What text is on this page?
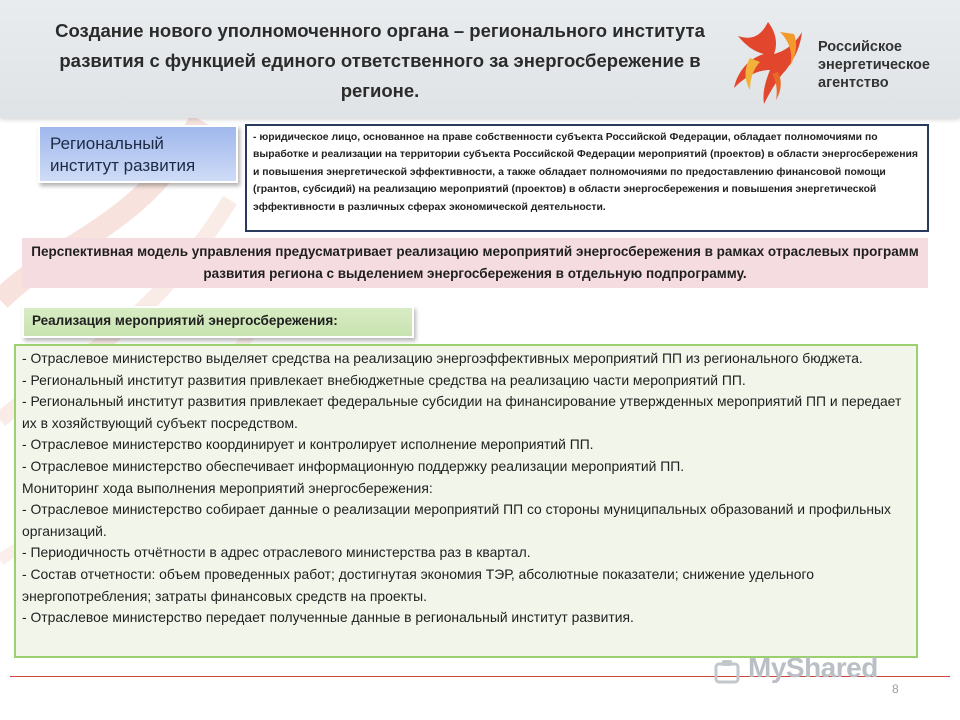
Создание нового уполномоченного органа – регионального института развития с функцией единого ответственного за энергосбережение в регионе.
Российское
энергетическое
агентство
Региональный институт развития
- юридическое лицо, основанное на праве собственности субъекта Российской Федерации, обладает полномочиями по выработке и реализации на территории субъекта Российской Федерации мероприятий (проектов) в области энергосбережения и повышения энергетической эффективности, а также обладает полномочиями по предоставлению финансовой помощи (грантов, субсидий) на реализацию мероприятий (проектов) в области энергосбережения и повышения энергетической эффективности в различных сферах экономической деятельности.
Перспективная модель управления предусматривает реализацию мероприятий энергосбережения в рамках отраслевых программ развития региона с выделением энергосбережения в отдельную подпрограмму.
Реализация мероприятий энергосбережения:
- Отраслевое министерство выделяет средства на реализацию энергоэффективных мероприятий ПП из регионального бюджета.
- Региональный институт развития привлекает внебюджетные средства на реализацию части мероприятий ПП.
- Региональный институт развития привлекает федеральные субсидии на финансирование утвержденных мероприятий ПП и передает их в хозяйствующий субъект посредством.
- Отраслевое министерство координирует и контролирует исполнение мероприятий ПП.
- Отраслевое министерство обеспечивает информационную поддержку реализации мероприятий ПП.
Мониторинг хода выполнения мероприятий энергосбережения:
- Отраслевое министерство собирает данные о реализации мероприятий ПП со стороны муниципальных образований и профильных организаций.
- Периодичность отчётности в адрес отраслевого министерства раз в квартал.
- Состав отчетности: объем проведенных работ; достигнутая экономия ТЭР, абсолютные показатели; снижение удельного энергопотребления; затраты финансовых средств на проекты.
- Отраслевое министерство передает полученные данные в региональный институт развития.
MyShared
8
